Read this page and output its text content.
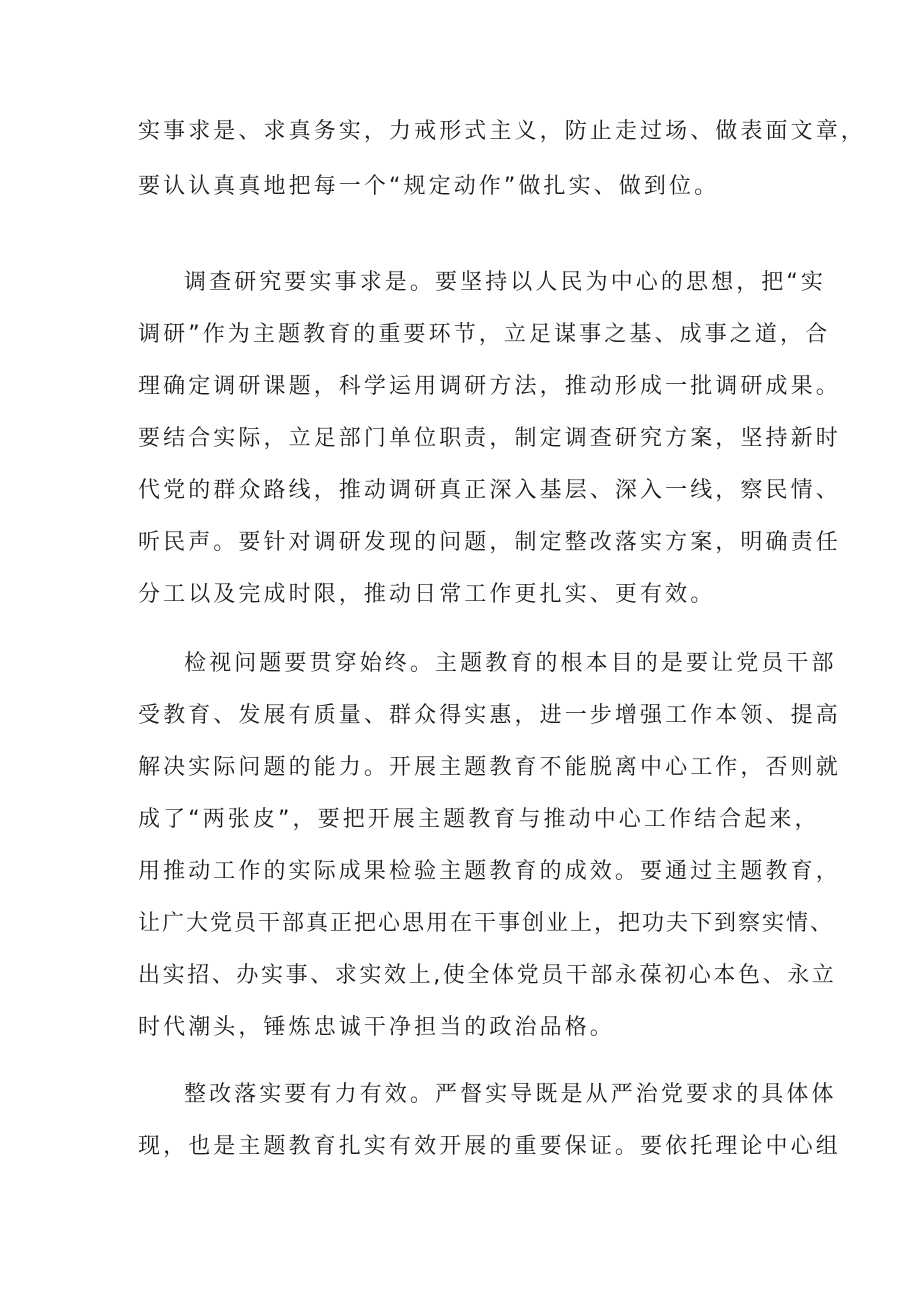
实事求是、求真务实，力戒形式主义，防止走过场、做表面文章，
要认认真真地把每一个“规定动作”做扎实、做到位。
调查研究要实事求是。要坚持以人民为中心的思想，把“实
调研”作为主题教育的重要环节，立足谋事之基、成事之道，合
理确定调研课题，科学运用调研方法，推动形成一批调研成果。
要结合实际，立足部门单位职责，制定调查研究方案，坚持新时
代党的群众路线，推动调研真正深入基层、深入一线，察民情、
听民声。要针对调研发现的问题，制定整改落实方案，明确责任
分工以及完成时限，推动日常工作更扎实、更有效。
检视问题要贯穿始终。主题教育的根本目的是要让党员干部
受教育、发展有质量、群众得实惠，进一步增强工作本领、提高
解决实际问题的能力。开展主题教育不能脱离中心工作，否则就
成了“两张皮”，要把开展主题教育与推动中心工作结合起来，
用推动工作的实际成果检验主题教育的成效。要通过主题教育，
让广大党员干部真正把心思用在干事创业上，把功夫下到察实情、
出实招、办实事、求实效上,使全体党员干部永葆初心本色、永立
时代潮头，锤炼忠诚干净担当的政治品格。
整改落实要有力有效。严督实导既是从严治党要求的具体体
现，也是主题教育扎实有效开展的重要保证。要依托理论中心组
